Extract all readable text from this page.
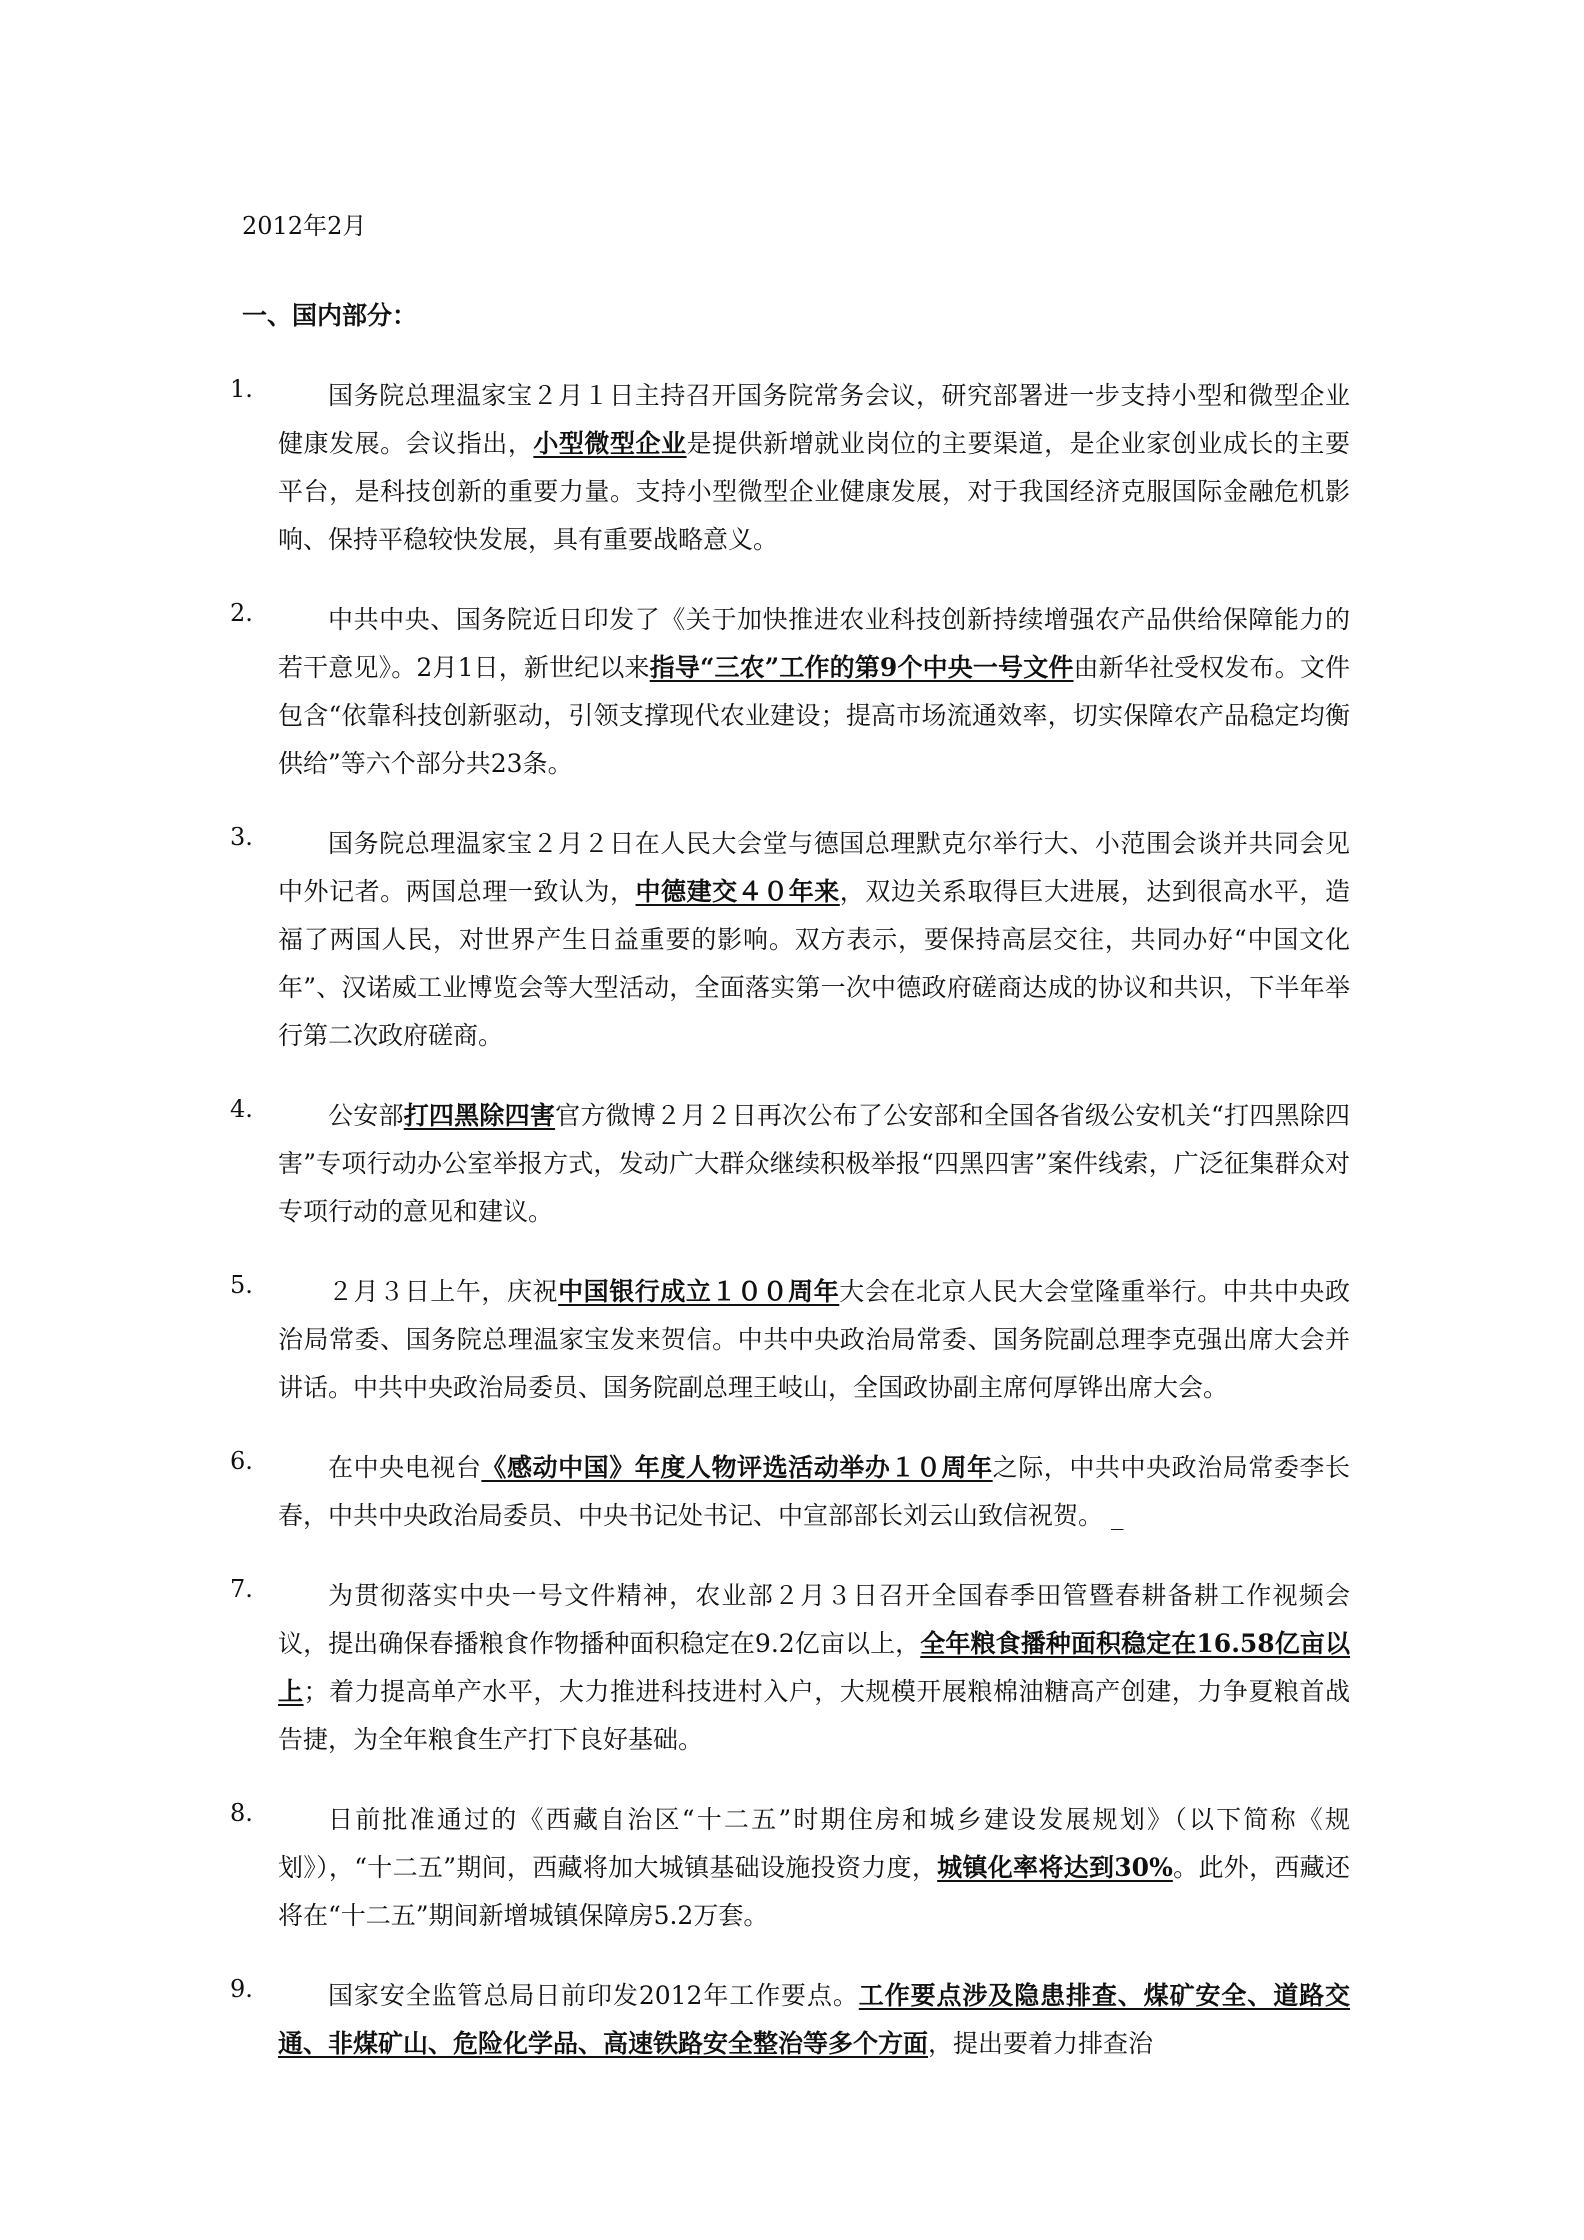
2012年2月
一、国内部分：
1.	国务院总理温家宝２月１日主持召开国务院常务会议，研究部署进一步支持小型和微型企业健康发展。会议指出，小型微型企业是提供新增就业岗位的主要渠道，是企业家创业成长的主要平台，是科技创新的重要力量。支持小型微型企业健康发展，对于我国经济克服国际金融危机影响、保持平稳较快发展，具有重要战略意义。

2.	中共中央、国务院近日印发了《关于加快推进农业科技创新持续增强农产品供给保障能力的若干意见》。2月1日，新世纪以来指导“三农”工作的第9个中央一号文件由新华社受权发布。文件包含“依靠科技创新驱动，引领支撑现代农业建设；提高市场流通效率，切实保障农产品稳定均衡供给”等六个部分共23条。

3.	国务院总理温家宝２月２日在人民大会堂与德国总理默克尔举行大、小范围会谈并共同会见中外记者。两国总理一致认为，中德建交４０年来，双边关系取得巨大进展，达到很高水平，造福了两国人民，对世界产生日益重要的影响。双方表示，要保持高层交往，共同办好“中国文化年”、汉诺威工业博览会等大型活动，全面落实第一次中德政府磋商达成的协议和共识，下半年举行第二次政府磋商。

4.	公安部打四黑除四害官方微博２月２日再次公布了公安部和全国各省级公安机关“打四黑除四害”专项行动办公室举报方式，发动广大群众继续积极举报“四黑四害”案件线索，广泛征集群众对专项行动的意见和建议。

5.	２月３日上午，庆祝中国银行成立１００周年大会在北京人民大会堂隆重举行。中共中央政治局常委、国务院总理温家宝发来贺信。中共中央政治局常委、国务院副总理李克强出席大会并讲话。中共中央政治局委员、国务院副总理王岐山，全国政协副主席何厚铧出席大会。

6.	在中央电视台《感动中国》年度人物评选活动举办１０周年之际，中共中央政治局常委李长春，中共中央政治局委员、中央书记处书记、中宣部部长刘云山致信祝贺。 _

7.	为贯彻落实中央一号文件精神，农业部２月３日召开全国春季田管暨春耕备耕工作视频会议，提出确保春播粮食作物播种面积稳定在9.2亿亩以上，全年粮食播种面积稳定在16.58亿亩以上；着力提高单产水平，大力推进科技进村入户，大规模开展粮棉油糖高产创建，力争夏粮首战告捷，为全年粮食生产打下良好基础。

8.	日前批准通过的《西藏自治区“十二五”时期住房和城乡建设发展规划》（以下简称《规划》），“十二五”期间，西藏将加大城镇基础设施投资力度，城镇化率将达到30%。此外，西藏还将在“十二五”期间新增城镇保障房5.2万套。

9.	国家安全监管总局日前印发2012年工作要点。工作要点涉及隐患排查、煤矿安全、道路交通、非煤矿山、危险化学品、高速铁路安全整治等多个方面，提出要着力排查治
